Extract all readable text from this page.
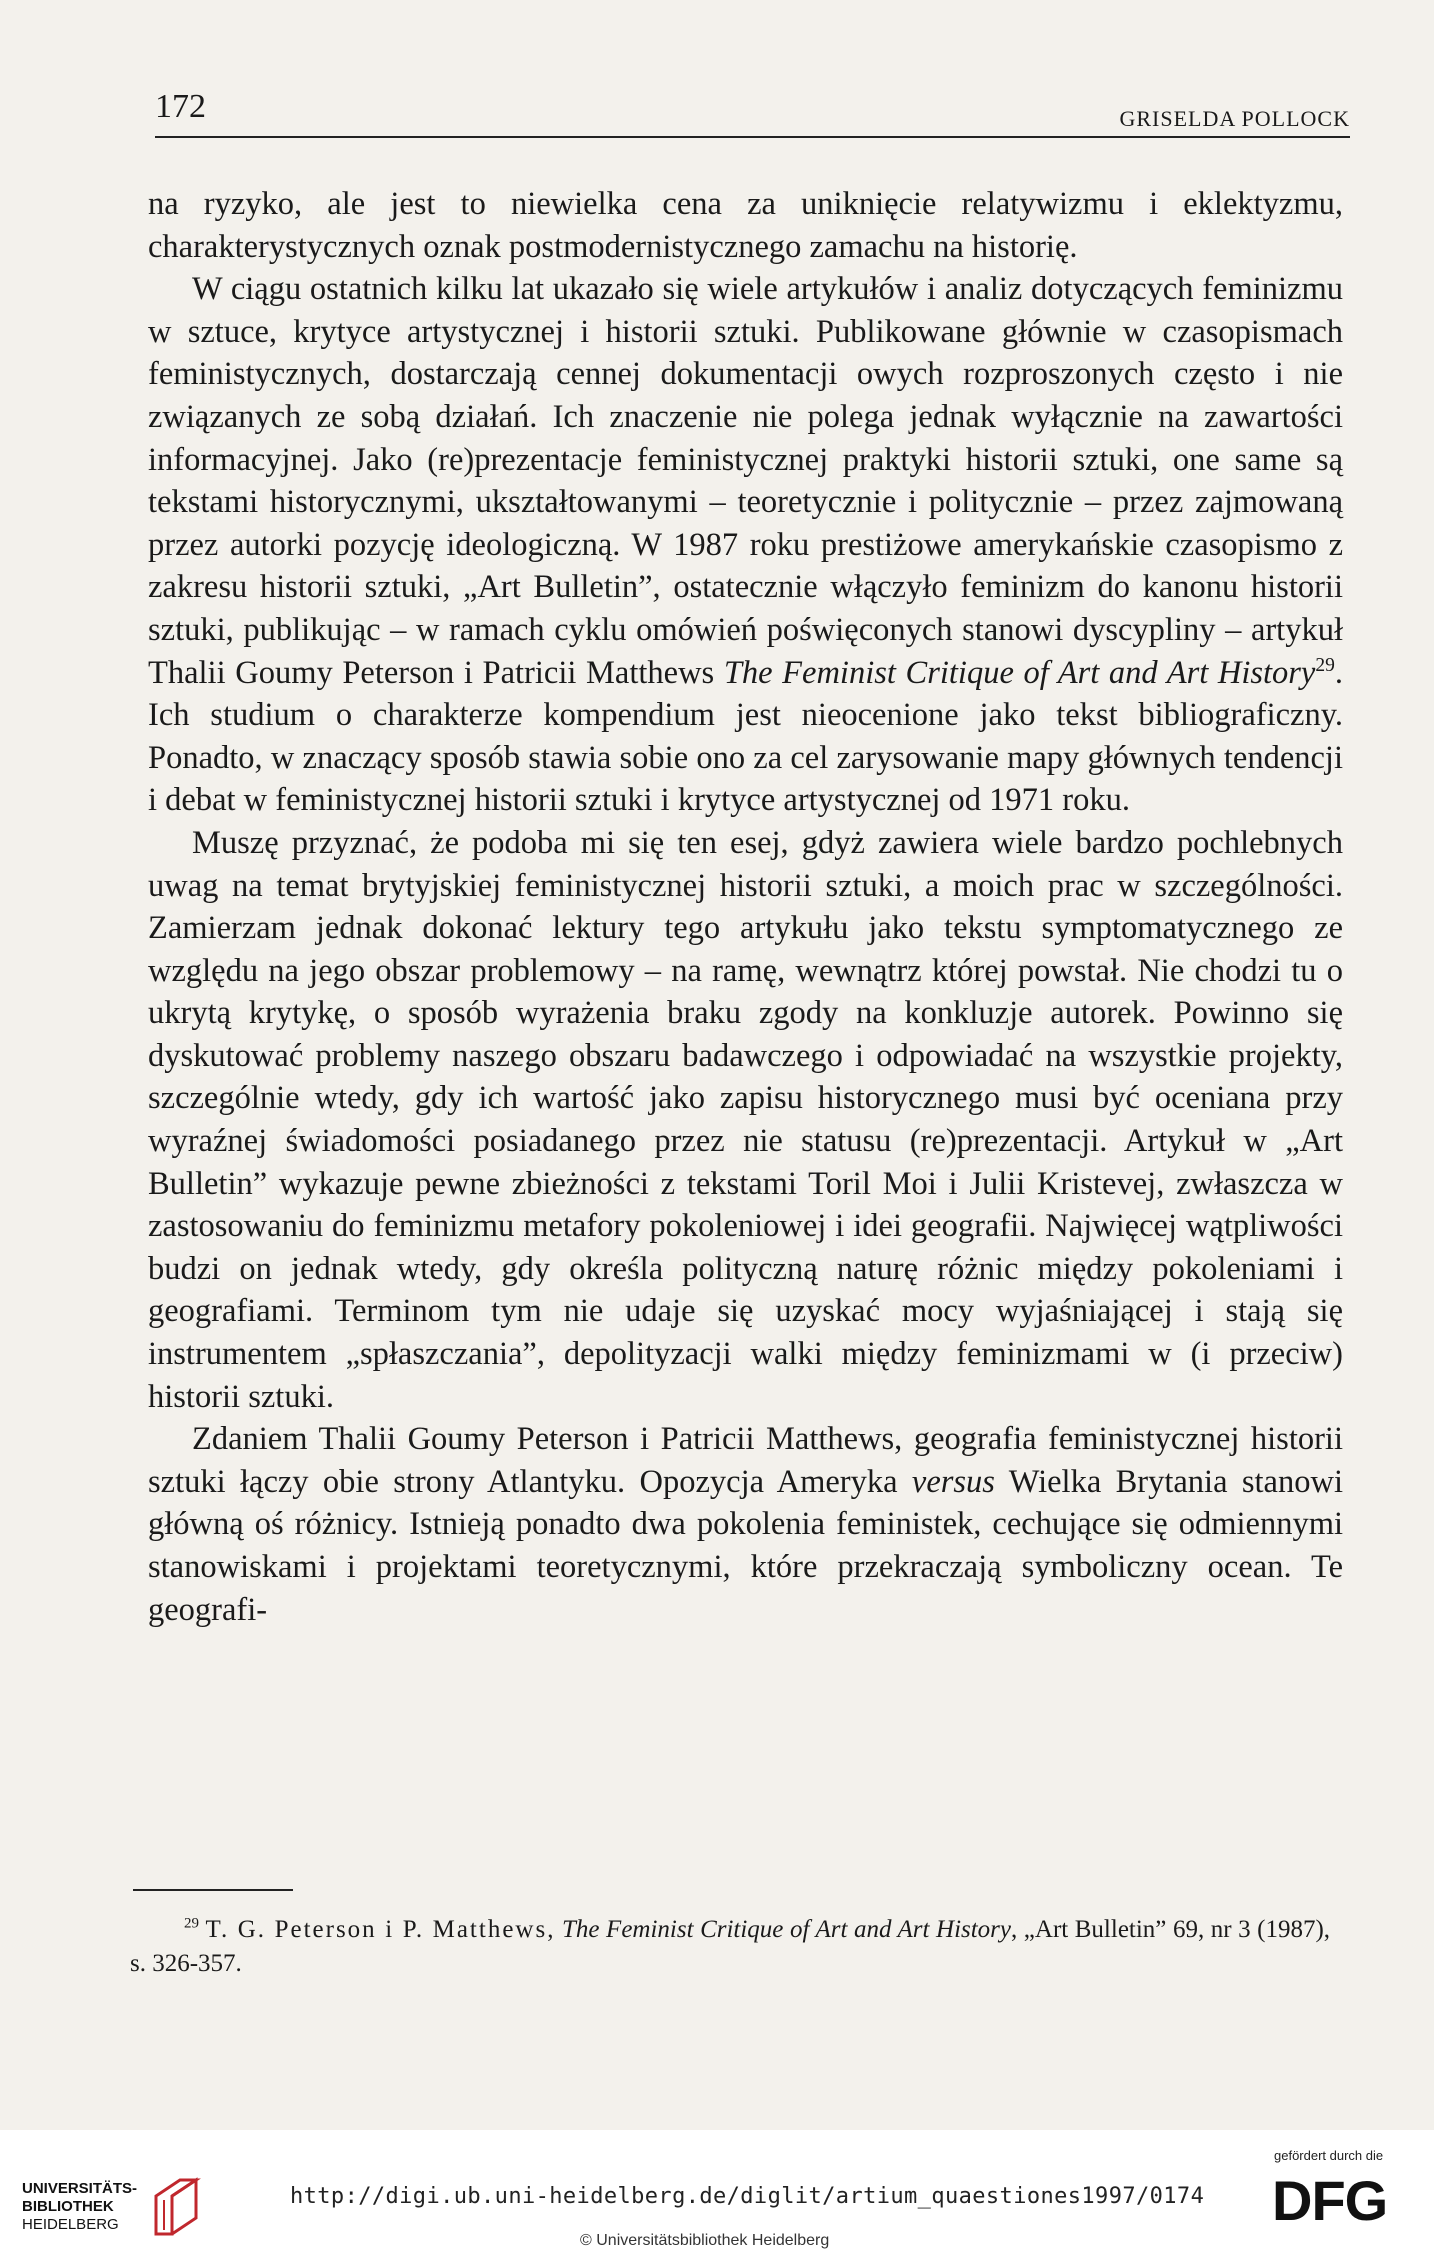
172	GRISELDA POLLOCK

na ryzyko, ale jest to niewielka cena za uniknięcie relatywizmu i eklektyzmu, charakterystycznych oznak postmodernistycznego zamachu na historię.

W ciągu ostatnich kilku lat ukazało się wiele artykułów i analiz dotyczących feminizmu w sztuce, krytyce artystycznej i historii sztuki. Publikowane głównie w czasopismach feministycznych, dostarczają cennej dokumentacji owych rozproszonych często i nie związanych ze sobą działań. Ich znaczenie nie polega jednak wyłącznie na zawartości informacyjnej. Jako (re)prezentacje feministycznej praktyki historii sztuki, one same są tekstami historycznymi, ukształtowanymi – teoretycznie i politycznie – przez zajmowaną przez autorki pozycję ideologiczną. W 1987 roku prestiżowe amerykańskie czasopismo z zakresu historii sztuki, „Art Bulletin”, ostatecznie włączyło feminizm do kanonu historii sztuki, publikując – w ramach cyklu omówień poświęconych stanowi dyscypliny – artykuł Thalii Goumy Peterson i Patricii Matthews The Feminist Critique of Art and Art History$^{29}$. Ich studium o charakterze kompendium jest nieocenione jako tekst bibliograficzny. Ponadto, w znaczący sposób stawia sobie ono za cel zarysowanie mapy głównych tendencji i debat w feministycznej historii sztuki i krytyce artystycznej od 1971 roku.

Muszę przyznać, że podoba mi się ten esej, gdyż zawiera wiele bardzo pochlebnych uwag na temat brytyjskiej feministycznej historii sztuki, a moich prac w szczególności. Zamierzam jednak dokonać lektury tego artykułu jako tekstu symptomatycznego ze względu na jego obszar problemowy – na ramę, wewnątrz której powstał. Nie chodzi tu o ukrytą krytykę, o sposób wyrażenia braku zgody na konkluzje autorek. Powinno się dyskutować problemy naszego obszaru badawczego i odpowiadać na wszystkie projekty, szczególnie wtedy, gdy ich wartość jako zapisu historycznego musi być oceniana przy wyraźnej świadomości posiadanego przez nie statusu (re)prezentacji. Artykuł w „Art Bulletin” wykazuje pewne zbieżności z tekstami Toril Moi i Julii Kristevej, zwłaszcza w zastosowaniu do feminizmu metafory pokoleniowej i idei geografii. Najwięcej wątpliwości budzi on jednak wtedy, gdy określa polityczną naturę różnic między pokoleniami i geografiami. Terminom tym nie udaje się uzyskać mocy wyjaśniającej i stają się instrumentem „spłaszczania”, depolityzacji walki między feminizmami w (i przeciw) historii sztuki.

Zdaniem Thalii Goumy Peterson i Patricii Matthews, geografia feministycznej historii sztuki łączy obie strony Atlantyku. Opozycja Ameryka versus Wielka Brytania stanowi główną oś różnicy. Istnieją ponadto dwa pokolenia feministek, cechujące się odmiennymi stanowiskami i projektami teoretycznymi, które przekraczają symboliczny ocean. Te geografi-

$^{29}$ T. G. Peterson i P. Matthews, The Feminist Critique of Art and Art History, „Art Bulletin” 69, nr 3 (1987), s. 326-357.

UNIVERSITÄTS-
BIBLIOTHEK
HEIDELBERG
http://digi.ub.uni-heidelberg.de/diglit/artium_quaestiones1997/0174
© Universitätsbibliothek Heidelberg
gefördert durch die
DFG
